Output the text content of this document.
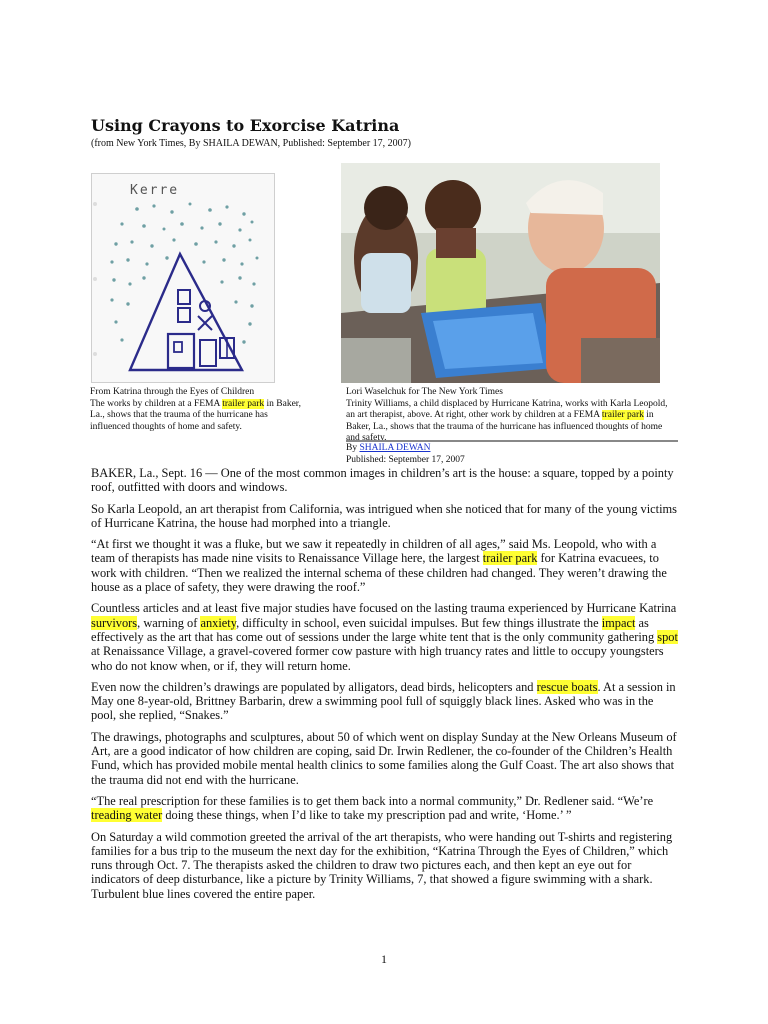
Using Crayons to Exorcise Katrina
(from New York Times, By SHAILA DEWAN, Published: September 17, 2007)
Kerre
From Katrina through the Eyes of Children
The works by children at a FEMA trailer park in Baker, La., shows that the trauma of the hurricane has influenced thoughts of home and safety.
Lori Waselchuk for The New York Times
Trinity Williams, a child displaced by Hurricane Katrina, works with Karla Leopold, an art therapist, above. At right, other work by children at a FEMA trailer park in Baker, La., shows that the trauma of the hurricane has influenced thoughts of home and safety.
By SHAILA DEWAN
Published: September 17, 2007

BAKER, La., Sept. 16 — One of the most common images in children’s art is the house: a square, topped by a pointy roof, outfitted with doors and windows.

So Karla Leopold, an art therapist from California, was intrigued when she noticed that for many of the young victims of Hurricane Katrina, the house had morphed into a triangle.

“At first we thought it was a fluke, but we saw it repeatedly in children of all ages,” said Ms. Leopold, who with a team of therapists has made nine visits to Renaissance Village here, the largest trailer park for Katrina evacuees, to work with children. “Then we realized the internal schema of these children had changed. They weren’t drawing the house as a place of safety, they were drawing the roof.”

Countless articles and at least five major studies have focused on the lasting trauma experienced by Hurricane Katrina survivors, warning of anxiety, difficulty in school, even suicidal impulses. But few things illustrate the impact as effectively as the art that has come out of sessions under the large white tent that is the only community gathering spot at Renaissance Village, a gravel-covered former cow pasture with high truancy rates and little to occupy youngsters who do not know when, or if, they will return home.

Even now the children’s drawings are populated by alligators, dead birds, helicopters and rescue boats. At a session in May one 8-year-old, Brittney Barbarin, drew a swimming pool full of squiggly black lines. Asked who was in the pool, she replied, “Snakes.”

The drawings, photographs and sculptures, about 50 of which went on display Sunday at the New Orleans Museum of Art, are a good indicator of how children are coping, said Dr. Irwin Redlener, the co-founder of the Children’s Health Fund, which has provided mobile mental health clinics to some families along the Gulf Coast. The art also shows that the trauma did not end with the hurricane.

“The real prescription for these families is to get them back into a normal community,” Dr. Redlener said. “We’re treading water doing these things, when I’d like to take my prescription pad and write, ‘Home.’ ”

On Saturday a wild commotion greeted the arrival of the art therapists, who were handing out T-shirts and registering families for a bus trip to the museum the next day for the exhibition, “Katrina Through the Eyes of Children,” which runs through Oct. 7. The therapists asked the children to draw two pictures each, and then kept an eye out for indicators of deep disturbance, like a picture by Trinity Williams, 7, that showed a figure swimming with a shark. Turbulent blue lines covered the entire paper.

1
